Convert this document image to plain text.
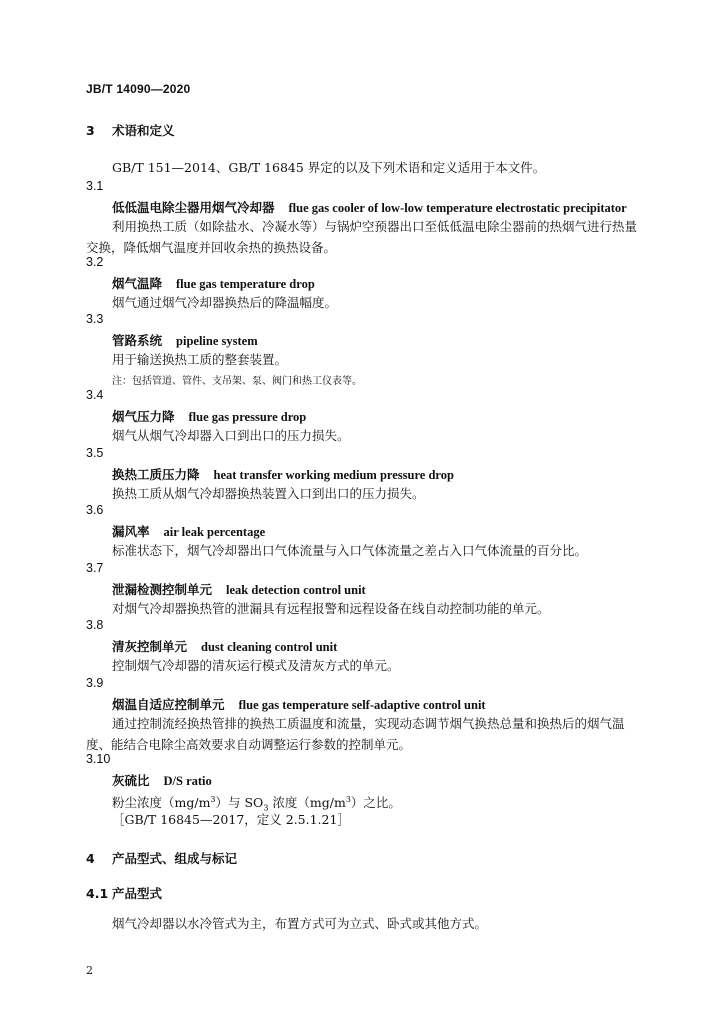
JB/T 14090—2020
3 术语和定义
GB/T 151—2014、GB/T 16845 界定的以及下列术语和定义适用于本文件。
3.1
低低温电除尘器用烟气冷却器 flue gas cooler of low-low temperature electrostatic precipitator
利用换热工质（如除盐水、冷凝水等）与锅炉空预器出口至低低温电除尘器前的热烟气进行热量交换，降低烟气温度并回收余热的换热设备。
3.2
烟气温降 flue gas temperature drop
烟气通过烟气冷却器换热后的降温幅度。
3.3
管路系统 pipeline system
用于输送换热工质的整套装置。
注：包括管道、管件、支吊架、泵、阀门和热工仪表等。
3.4
烟气压力降 flue gas pressure drop
烟气从烟气冷却器入口到出口的压力损失。
3.5
换热工质压力降 heat transfer working medium pressure drop
换热工质从烟气冷却器换热装置入口到出口的压力损失。
3.6
漏风率 air leak percentage
标准状态下，烟气冷却器出口气体流量与入口气体流量之差占入口气体流量的百分比。
3.7
泄漏检测控制单元 leak detection control unit
对烟气冷却器换热管的泄漏具有远程报警和远程设备在线自动控制功能的单元。
3.8
清灰控制单元 dust cleaning control unit
控制烟气冷却器的清灰运行模式及清灰方式的单元。
3.9
烟温自适应控制单元 flue gas temperature self-adaptive control unit
通过控制流经换热管排的换热工质温度和流量，实现动态调节烟气换热总量和换热后的烟气温度、能结合电除尘高效要求自动调整运行参数的控制单元。
3.10
灰硫比 D/S ratio
粉尘浓度$(mg/m^3)$与 $SO_3$ 浓度$(mg/m^3)$之比。
［GB/T 16845—2017，定义 2.5.1.21］
4 产品型式、组成与标记
4.1 产品型式
烟气冷却器以水冷管式为主，布置方式可为立式、卧式或其他方式。
2
